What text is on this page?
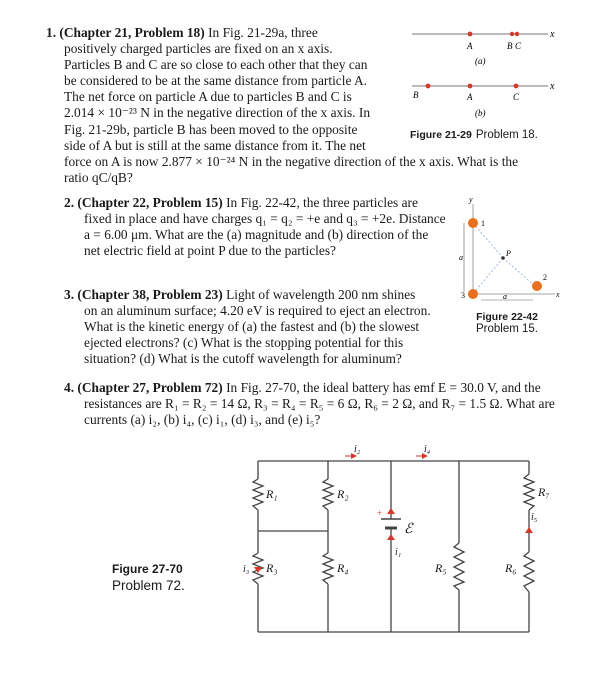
1. (Chapter 21, Problem 18) In Fig. 21-29a, three
positively charged particles are fixed on an x axis.
Particles B and C are so close to each other that they can
be considered to be at the same distance from particle A.
The net force on particle A due to particles B and C is
2.014 × 10⁻²³ N in the negative direction of the x axis. In
Fig. 21-29b, particle B has been moved to the opposite
side of A but is still at the same distance from it. The net
force on A is now 2.877 × 10⁻²⁴ N in the negative direction of the x axis. What is the
ratio qC/qB?
x
A	B C
(a)
x
B	A	C
(b)
Figure 21-29 Problem 18.
2. (Chapter 22, Problem 15) In Fig. 22-42, the three particles are
fixed in place and have charges q₁ = q₂ = +e and q₃ = +2e. Distance
a = 6.00 μm. What are the (a) magnitude and (b) direction of the
net electric field at point P due to the particles?
y
x
a
a
1
P
3
2
Figure 22-42
Problem 15.
3. (Chapter 38, Problem 23) Light of wavelength 200 nm shines
on an aluminum surface; 4.20 eV is required to eject an electron.
What is the kinetic energy of (a) the fastest and (b) the slowest
ejected electrons? (c) What is the stopping potential for this
situation? (d) What is the cutoff wavelength for aluminum?
4. (Chapter 27, Problem 72) In Fig. 27-70, the ideal battery has emf E = 30.0 V, and the
resistances are R₁ = R₂ = 14 Ω, R₃ = R₄ = R₅ = 6 Ω, R₆ = 2 Ω, and R₇ = 1.5 Ω. What are
currents (a) i₂, (b) i₄, (c) i₁, (d) i₃, and (e) i₅?
+
ℰ
R₁	R₂
R₃	R₄	R₅	R₆
R₇
i₂	i₄
i₅
i₃
i₁
Figure 27-70
Problem 72.
